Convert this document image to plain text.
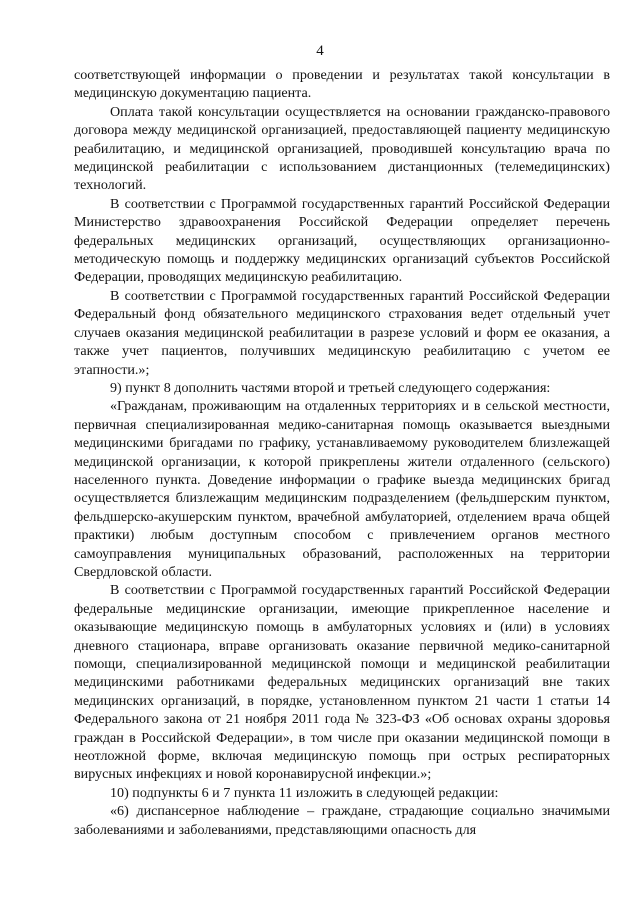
4

соответствующей информации о проведении и результатах такой консультации в медицинскую документацию пациента.

Оплата такой консультации осуществляется на основании гражданско-правового договора между медицинской организацией, предоставляющей пациенту медицинскую реабилитацию, и медицинской организацией, проводившей консультацию врача по медицинской реабилитации с использованием дистанционных (телемедицинских) технологий.

В соответствии с Программой государственных гарантий Российской Федерации Министерство здравоохранения Российской Федерации определяет перечень федеральных медицинских организаций, осуществляющих организационно-методическую помощь и поддержку медицинских организаций субъектов Российской Федерации, проводящих медицинскую реабилитацию.

В соответствии с Программой государственных гарантий Российской Федерации Федеральный фонд обязательного медицинского страхования ведет отдельный учет случаев оказания медицинской реабилитации в разрезе условий и форм ее оказания, а также учет пациентов, получивших медицинскую реабилитацию с учетом ее этапности.»;

9) пункт 8 дополнить частями второй и третьей следующего содержания:

«Гражданам, проживающим на отдаленных территориях и в сельской местности, первичная специализированная медико-санитарная помощь оказывается выездными медицинскими бригадами по графику, устанавливаемому руководителем близлежащей медицинской организации, к которой прикреплены жители отдаленного (сельского) населенного пункта. Доведение информации о графике выезда медицинских бригад осуществляется близлежащим медицинским подразделением (фельдшерским пунктом, фельдшерско-акушерским пунктом, врачебной амбулаторией, отделением врача общей практики) любым доступным способом с привлечением органов местного самоуправления муниципальных образований, расположенных на территории Свердловской области.

В соответствии с Программой государственных гарантий Российской Федерации федеральные медицинские организации, имеющие прикрепленное население и оказывающие медицинскую помощь в амбулаторных условиях и (или) в условиях дневного стационара, вправе организовать оказание первичной медико-санитарной помощи, специализированной медицинской помощи и медицинской реабилитации медицинскими работниками федеральных медицинских организаций вне таких медицинских организаций, в порядке, установленном пунктом 21 части 1 статьи 14 Федерального закона от 21 ноября 2011 года № 323-ФЗ «Об основах охраны здоровья граждан в Российской Федерации», в том числе при оказании медицинской помощи в неотложной форме, включая медицинскую помощь при острых респираторных вирусных инфекциях и новой коронавирусной инфекции.»;

10) подпункты 6 и 7 пункта 11 изложить в следующей редакции:

«6) диспансерное наблюдение – граждане, страдающие социально значимыми заболеваниями и заболеваниями, представляющими опасность для
